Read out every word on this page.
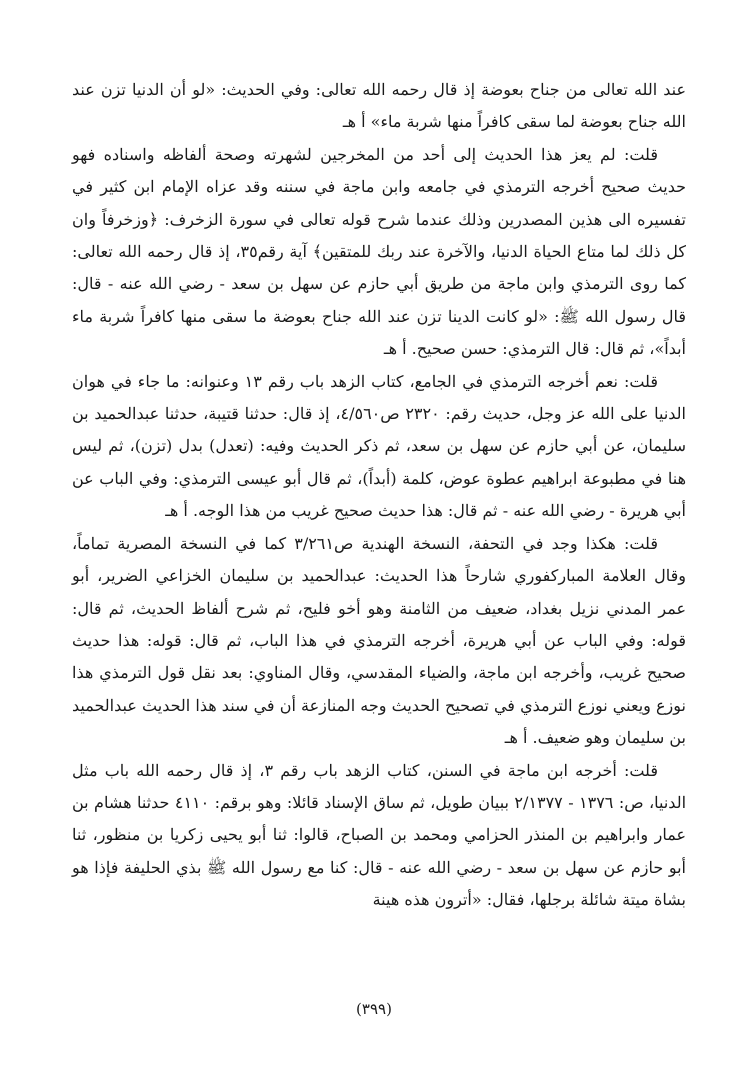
عند الله تعالى من جناح بعوضة إذ قال رحمه الله تعالى: وفي الحديث: «لو أن الدنيا تزن عند الله جناح بعوضة لما سقى كافراً منها شربة ماء» أ هـ

قلت: لم يعز هذا الحديث إلى أحد من المخرجين لشهرته وصحة ألفاظه واسناده فهو حديث صحيح أخرجه الترمذي في جامعه وابن ماجة في سننه وقد عزاه الإمام ابن كثير في تفسيره الى هذين المصدرين وذلك عندما شرح قوله تعالى في سورة الزخرف: ﴿وزخرفاً وان كل ذلك لما متاع الحياة الدنيا، والآخرة عند ربك للمتقين﴾ آية رقم٣٥، إذ قال رحمه الله تعالى: كما روى الترمذي وابن ماجة من طريق أبي حازم عن سهل بن سعد - رضي الله عنه - قال: قال رسول الله ﷺ: «لو كانت الدينا تزن عند الله جناح بعوضة ما سقى منها كافراً شربة ماء أبداً»، ثم قال: قال الترمذي: حسن صحيح. أ هـ

قلت: نعم أخرجه الترمذي في الجامع، كتاب الزهد باب رقم ١٣ وعنوانه: ما جاء في هوان الدنيا على الله عز وجل، حديث رقم: ٢٣٢٠ ص٤/٥٦٠، إذ قال: حدثنا قتيبة، حدثنا عبدالحميد بن سليمان، عن أبي حازم عن سهل بن سعد، ثم ذكر الحديث وفيه: (تعدل) بدل (تزن)، ثم ليس هنا في مطبوعة ابراهيم عطوة عوض، كلمة (أبداً)، ثم قال أبو عيسى الترمذي: وفي الباب عن أبي هريرة - رضي الله عنه - ثم قال: هذا حديث صحيح غريب من هذا الوجه. أ هـ

قلت: هكذا وجد في التحفة، النسخة الهندية ص٣/٢٦١ كما في النسخة المصرية تماماً، وقال العلامة المباركفوري شارحاً هذا الحديث: عبدالحميد بن سليمان الخزاعي الضرير، أبو عمر المدني نزيل بغداد، ضعيف من الثامنة وهو أخو فليح، ثم شرح ألفاظ الحديث، ثم قال: قوله: وفي الباب عن أبي هريرة، أخرجه الترمذي في هذا الباب، ثم قال: قوله: هذا حديث صحيح غريب، وأخرجه ابن ماجة، والضياء المقدسي، وقال المناوي: بعد نقل قول الترمذي هذا نوزع ويعني نوزع الترمذي في تصحيح الحديث وجه المنازعة أن في سند هذا الحديث عبدالحميد بن سليمان وهو ضعيف. أ هـ

قلت: أخرجه ابن ماجة في السنن، كتاب الزهد باب رقم ٣، إذ قال رحمه الله باب مثل الدنيا، ص: ١٣٧٦ - ٢/١٣٧٧ ببيان طويل، ثم ساق الإسناد قائلا: وهو برقم: ٤١١٠ حدثنا هشام بن عمار وابراهيم بن المنذر الحزامي ومحمد بن الصباح، قالوا: ثنا أبو يحيى زكريا بن منظور، ثنا أبو حازم عن سهل بن سعد - رضي الله عنه - قال: كنا مع رسول الله ﷺ بذي الحليفة فإذا هو بشاة ميتة شائلة برجلها، فقال: «أترون هذه هينة

(٣٩٩)
